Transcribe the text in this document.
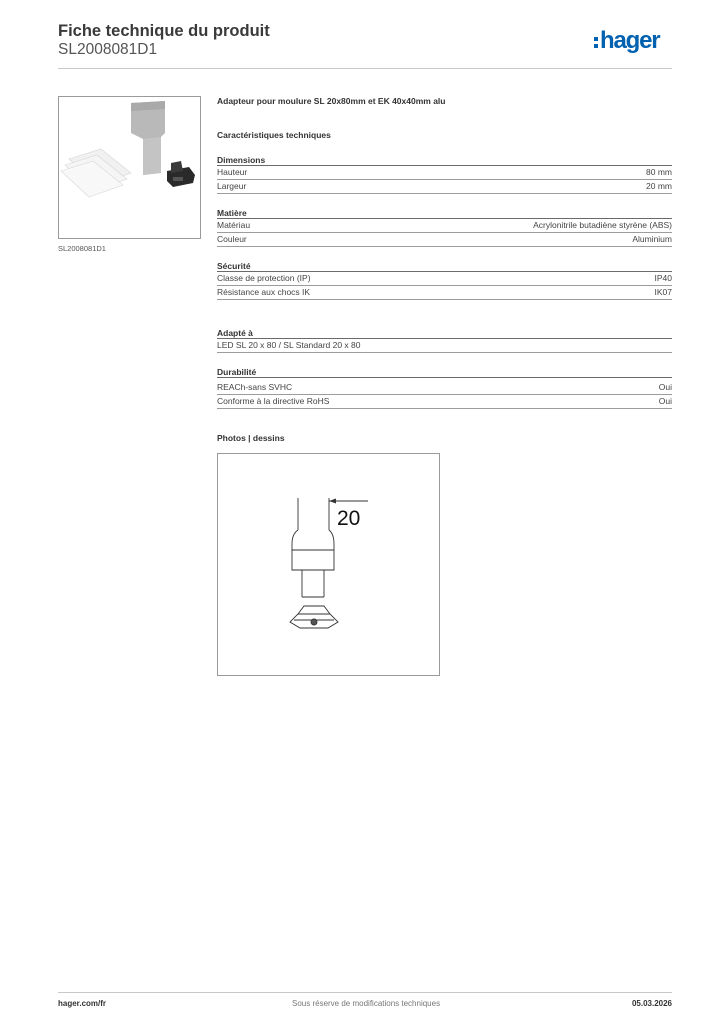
Fiche technique du produit
SL2008081D1	hager
SL2008081D1
Adapteur pour moulure SL 20x80mm et EK 40x40mm alu
Caractéristiques techniques
Dimensions
Hauteur	80 mm
Largeur	20 mm
Matière
Matériau	Acrylonitrile butadiène styrène (ABS)
Couleur	Aluminium
Sécurité
Classe de protection (IP)	IP40
Résistance aux chocs IK	IK07
Adapté à
LED SL 20 x 80 / SL Standard 20 x 80
Durabilité
REACh-sans SVHC	Oui
Conforme à la directive RoHS	Oui
Photos | dessins
20
hager.com/fr	Sous réserve de modifications techniques	05.03.2026
